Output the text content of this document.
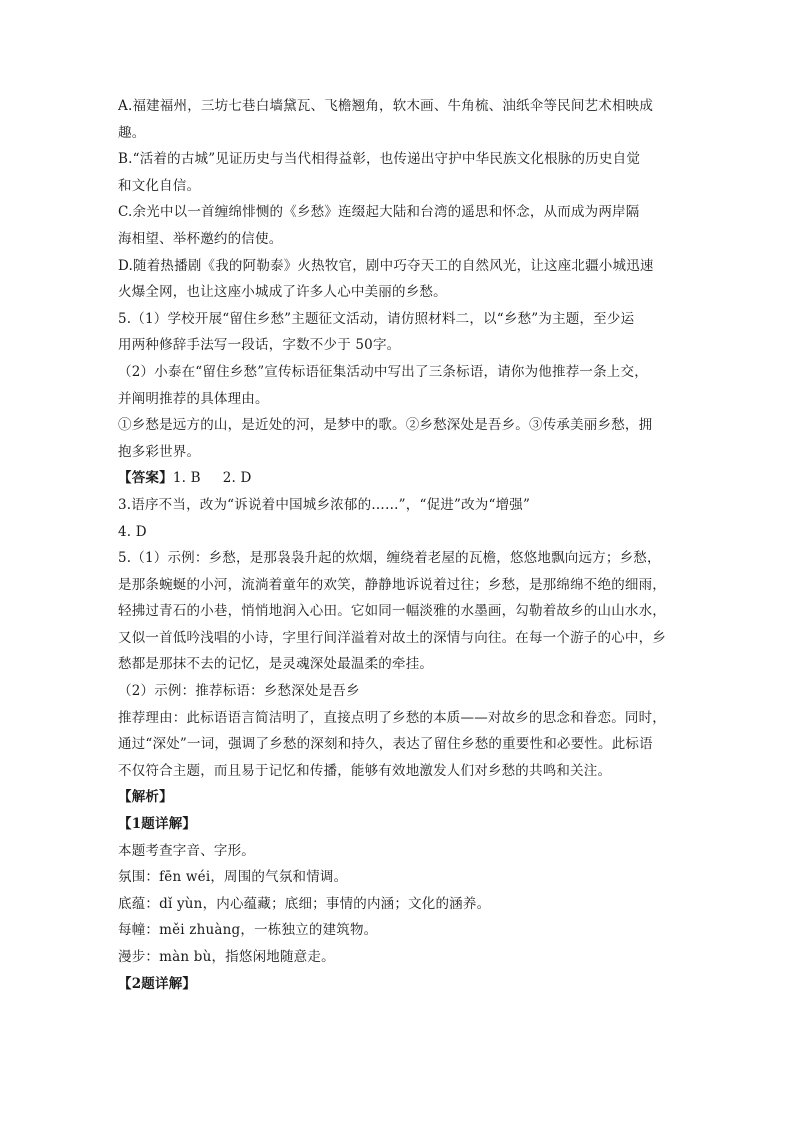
A.福建福州，三坊七巷白墙黛瓦、飞檐翘角，软木画、牛角梳、油纸伞等民间艺术相映成
趣。
B.“活着的古城”见证历史与当代相得益彰，也传递出守护中华民族文化根脉的历史自觉
和文化自信。
C.余光中以一首缠绵悱恻的《乡愁》连缀起大陆和台湾的遥思和怀念，从而成为两岸隔
海相望、举杯邀约的信使。
D.随着热播剧《我的阿勒泰》火热牧官，剧中巧夺天工的自然风光，让这座北疆小城迅速
火爆全网，也让这座小城成了许多人心中美丽的乡愁。
5.（1）学校开展“留住乡愁”主题征文活动，请仿照材料二，以“乡愁”为主题，至少运
用两种修辞手法写一段话，字数不少于 50字。
（2）小泰在“留住乡愁”宣传标语征集活动中写出了三条标语，请你为他推荐一条上交，
并阐明推荐的具体理由。
①乡愁是远方的山，是近处的河，是梦中的歌。②乡愁深处是吾乡。③传承美丽乡愁，拥
抱多彩世界。
【答案】1. B 2. D
3.语序不当，改为“诉说着中国城乡浓郁的……”，“促进”改为“增强”
4. D
5.（1）示例：乡愁，是那袅袅升起的炊烟，缠绕着老屋的瓦檐，悠悠地飘向远方；乡愁，
是那条蜿蜒的小河，流淌着童年的欢笑，静静地诉说着过往；乡愁，是那绵绵不绝的细雨，
轻拂过青石的小巷，悄悄地润入心田。它如同一幅淡雅的水墨画，勾勒着故乡的山山水水，
又似一首低吟浅唱的小诗，字里行间洋溢着对故土的深情与向往。在每一个游子的心中，乡
愁都是那抹不去的记忆，是灵魂深处最温柔的牵挂。
（2）示例：推荐标语：乡愁深处是吾乡
推荐理由：此标语语言简洁明了，直接点明了乡愁的本质——对故乡的思念和眷恋。同时，
通过“深处”一词，强调了乡愁的深刻和持久，表达了留住乡愁的重要性和必要性。此标语
不仅符合主题，而且易于记忆和传播，能够有效地激发人们对乡愁的共鸣和关注。
【解析】
【1题详解】
本题考查字音、字形。
氛围：fēn wéi，周围的气氛和情调。
底蕴：dǐ yùn，内心蕴藏；底细；事情的内涵；文化的涵养。
每幢：měi zhuàng，一栋独立的建筑物。
漫步：màn bù，指悠闲地随意走。
【2题详解】
